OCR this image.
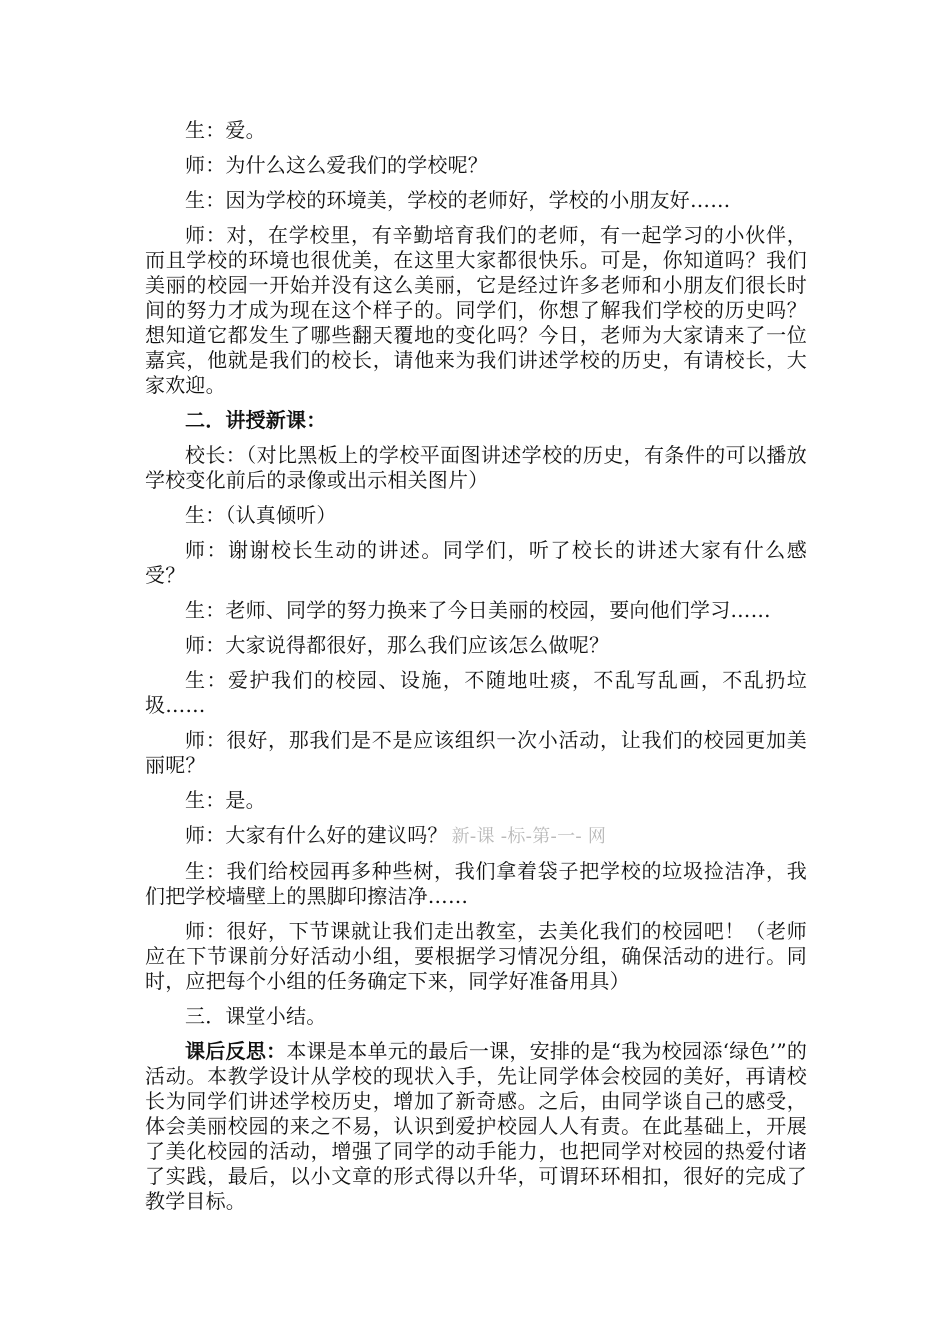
生：爱。

师：为什么这么爱我们的学校呢？

生：因为学校的环境美，学校的老师好，学校的小朋友好……

师：对，在学校里，有辛勤培育我们的老师，有一起学习的小伙伴，而且学校的环境也很优美，在这里大家都很快乐。可是，你知道吗？我们美丽的校园一开始并没有这么美丽，它是经过许多老师和小朋友们很长时间的努力才成为现在这个样子的。同学们，你想了解我们学校的历史吗？想知道它都发生了哪些翻天覆地的变化吗？今日，老师为大家请来了一位嘉宾，他就是我们的校长，请他来为我们讲述学校的历史，有请校长，大家欢迎。

二．讲授新课：

校长：（对比黑板上的学校平面图讲述学校的历史，有条件的可以播放学校变化前后的录像或出示相关图片）

生：（认真倾听）

师：谢谢校长生动的讲述。同学们，听了校长的讲述大家有什么感受？

生：老师、同学的努力换来了今日美丽的校园，要向他们学习……

师：大家说得都很好，那么我们应该怎么做呢？

生：爱护我们的校园、设施，不随地吐痰，不乱写乱画，不乱扔垃圾……

师：很好，那我们是不是应该组织一次小活动，让我们的校园更加美丽呢？

生：是。

师：大家有什么好的建议吗？ 新-课 -标-第-一- 网

生：我们给校园再多种些树，我们拿着袋子把学校的垃圾捡洁净，我们把学校墙壁上的黑脚印擦洁净……

师：很好，下节课就让我们走出教室，去美化我们的校园吧！（老师应在下节课前分好活动小组，要根据学习情况分组，确保活动的进行。同时，应把每个小组的任务确定下来，同学好准备用具）

三．课堂小结。

课后反思：本课是本单元的最后一课，安排的是“我为校园添‘绿色’”的活动。本教学设计从学校的现状入手，先让同学体会校园的美好，再请校长为同学们讲述学校历史，增加了新奇感。之后，由同学谈自己的感受，体会美丽校园的来之不易，认识到爱护校园人人有责。在此基础上，开展了美化校园的活动，增强了同学的动手能力，也把同学对校园的热爱付诸了实践，最后，以小文章的形式得以升华，可谓环环相扣，很好的完成了教学目标。
